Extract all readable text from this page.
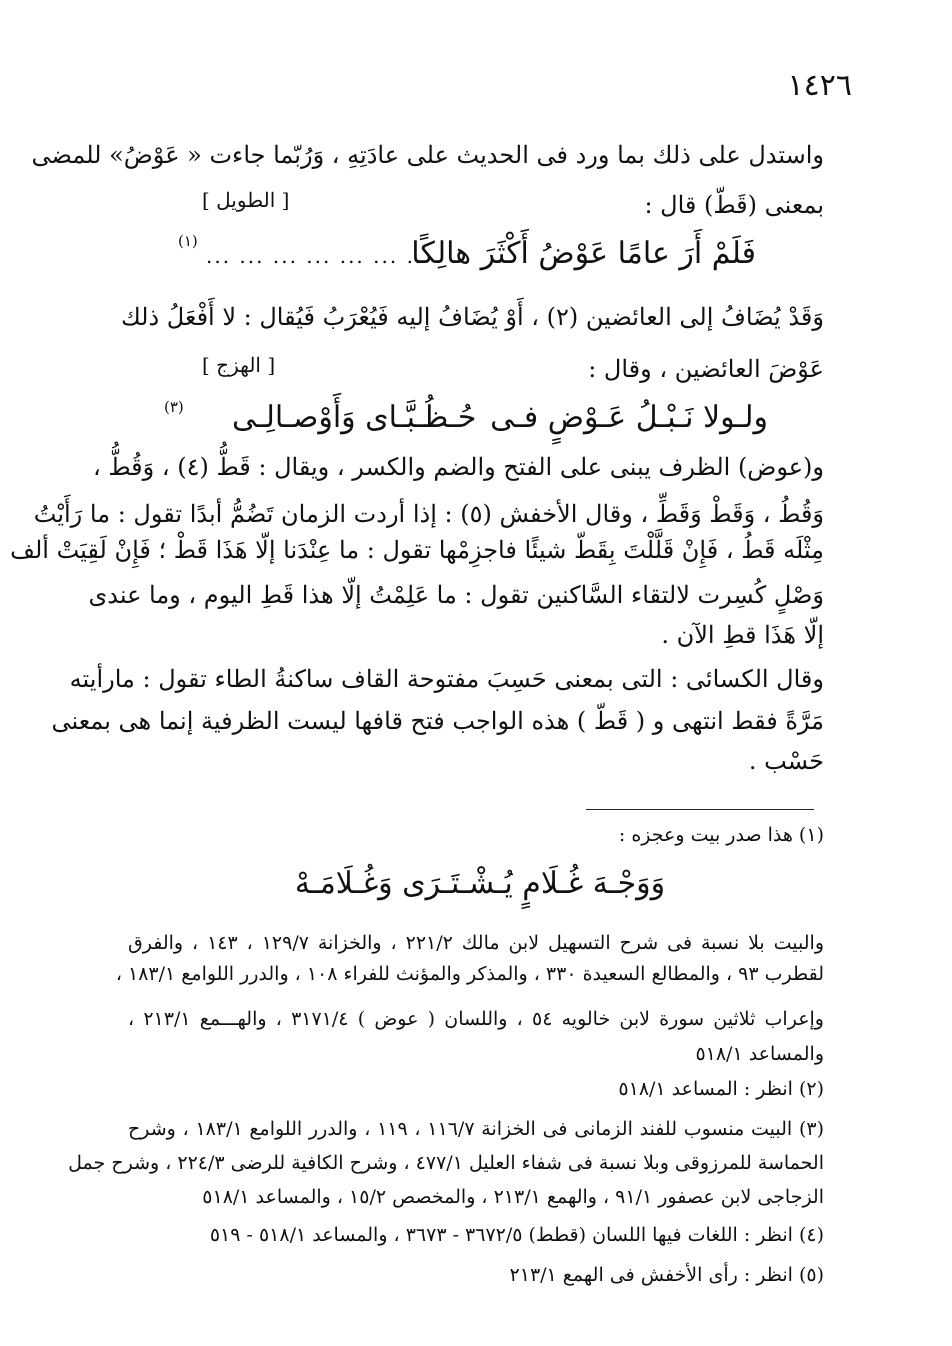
١٤٢٦
واستدل على ذلك بما ورد فى الحديث على عادَتِهِ ، وَرُبّما جاءت « عَوْضُ» للمضى
بمعنى (قَطّ) قال :
وَقَدْ يُضَافُ إلى العائضين (٢) ، أَوْ يُضَافُ إليه فَيُعْرَبُ فَيُقال : لا أَفْعَلُ ذلك
عَوْضَ العائضين ، وقال :
و(عوض) الظرف يبنى على الفتح والضم والكسر ، ويقال : قَطُّ (٤) ، وَقُطُّ ،
وَقُطُ ، وَقَطْ وَقَطِّ ، وقال الأخفش (٥) : إذا أردت الزمان تَضُمُّ أبدًا تقول : ما رَأَيْتُ
مِثْلَه قَطُ ، فَإِنْ قَلَّلْتَ بِقَطّ شيئًا فاجزِمْها تقول : ما عِنْدَنا إلّا هَذَا قَطْ ؛ فَإِنْ لَقِيَتْ ألف
وَصْلٍ كُسِرت لالتقاء السَّاكنين تقول : ما عَلِمْتُ إلّا هذا قَطِ اليوم ، وما عندى
إلّا هَذَا قطِ الآن .
وقال الكسائى : التى بمعنى حَسِبَ مفتوحة القاف ساكنةُ الطاء تقول : مارأيته
مَرَّةً فقط انتهى و ( قَطّ ) هذه الواجب فتح قافها ليست الظرفية إنما هى بمعنى
حَسْب .
[ الطويل ]
[ الهزج ]
فَلَمْ أَرَ عامًا عَوْضُ أَكْثَرَ هالِكًا
.. ... ... ... ... ... ...
(١)
ولـولا نَـبْـلُ عَـوْضٍ فـى
حُـظُـبَّـاى وَأَوْصـالِـى
(٣)
(١) هذا صدر بيت وعجزه :
وَوَجْـهَ غُـلَامٍ يُـشْـتَـرَى وَغُـلَامَـهْ
والبيت بلا نسبة فى شرح التسهيل لابن مالك ٢٢١/٢ ، والخزانة ١٢٩/٧ ، ١٤٣ ، والفرق
لقطرب ٩٣ ، والمطالع السعيدة ٣٣٠ ، والمذكر والمؤنث للفراء ١٠٨ ، والدرر اللوامع ١٨٣/١ ،
وإعراب ثلاثين سورة لابن خالويه ٥٤ ، واللسان ( عوض ) ٣١٧١/٤ ، والهـــمع ٢١٣/١ ،
والمساعد ٥١٨/١
(٢) انظر : المساعد ٥١٨/١
(٣) البيت منسوب للفند الزمانى فى الخزانة ١١٦/٧ ، ١١٩ ، والدرر اللوامع ١٨٣/١ ، وشرح
الحماسة للمرزوقى وبلا نسبة فى شفاء العليل ٤٧٧/١ ، وشرح الكافية للرضى ٢٢٤/٣ ، وشرح جمل
الزجاجى لابن عصفور ٩١/١ ، والهمع ٢١٣/١ ، والمخصص ١٥/٢ ، والمساعد ٥١٨/١
(٤) انظر : اللغات فيها اللسان (قطط) ٣٦٧٢/٥ - ٣٦٧٣ ، والمساعد ٥١٨/١ - ٥١٩
(٥) انظر : رأى الأخفش فى الهمع ٢١٣/١
